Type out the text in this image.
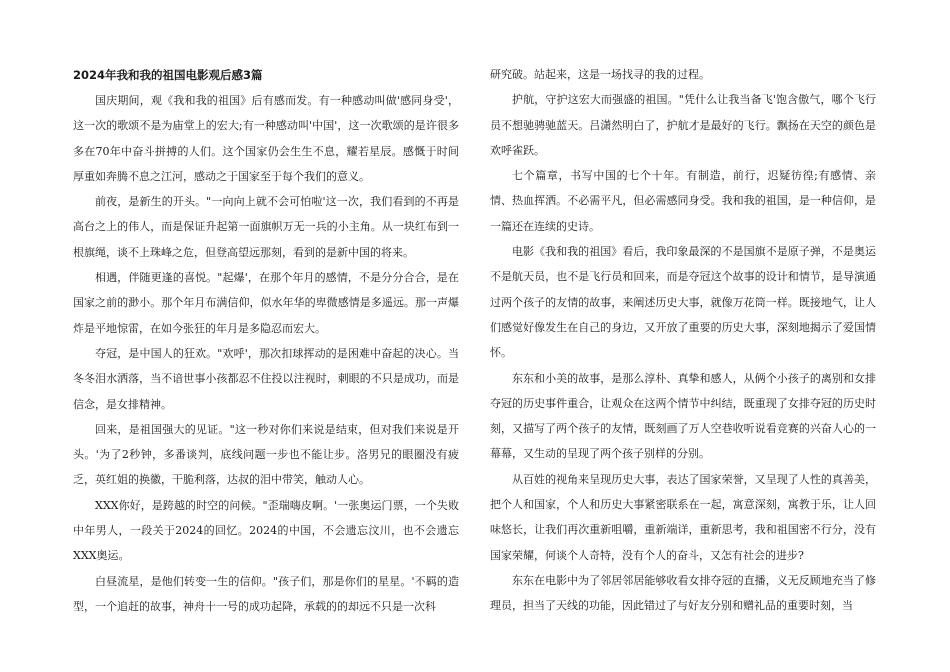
2024年我和我的祖国电影观后感3篇

国庆期间，观《我和我的祖国》后有感而发。有一种感动叫做'感同身受'，这一次的歌颂不是为庙堂上的宏大;有一种感动叫'中国'，这一次歌颂的是许很多多在70年中奋斗拼搏的人们。这个国家仍会生生不息，耀若星辰。感慨于时间厚重如奔腾不息之江河，感动之于国家至于每个我们的意义。

前夜，是新生的开头。"一向向上就不会可怕啦'这一次，我们看到的不再是高台之上的伟人，而是保证升起第一面旗帜万无一兵的小主角。从一块红布到一根旗绳，谈不上珠峰之危，但登高望远那刻，看到的是新中国的将来。

相遇，伴随更逢的喜悦。"起爆'，在那个年月的感情，不是分分合合，是在国家之前的渺小。那个年月布满信仰，似水年华的卑微感情是多遥远。那一声爆炸是平地惊雷，在如今张狂的年月是多隐忍而宏大。

夺冠，是中国人的狂欢。"欢呼'，那次扣球挥动的是困难中奋起的决心。当冬冬泪水洒落，当不谙世事小孩都忍不住投以注视时，刺眼的不只是成功，而是信念，是女排精神。

回来，是祖国强大的见证。"这一秒对你们来说是结束，但对我们来说是开头。'为了2秒钟，多番谈判，底线问题一步也不能让步。洛男兄的眼圈没有疲乏，英红姐的换徽，干脆利落，达叔的泪中带笑，触动人心。

XXX你好，是跨越的时空的问候。"歪瑞嗨皮啊。'一张奥运门票，一个失败中年男人，一段关于2024的回忆。2024的中国，不会遗忘汶川，也不会遗忘XXX奥运。

白昼流星，是他们转变一生的信仰。"孩子们，那是你们的星星。'不羁的造型，一个追赶的故事，神舟十一号的成功起降，承载的的却远不只是一次科

研究破。站起来，这是一场找寻的我的过程。

护航，守护这宏大而强盛的祖国。"凭什么让我当备飞'饱含傲气，哪个飞行员不想驰骋驰蓝天。吕潇然明白了，护航才是最好的飞行。飘扬在天空的颜色是欢呼雀跃。

七个篇章，书写中国的七个十年。有制造，前行，迟疑彷徨;有感情、亲情、热血挥洒。不必需平凡，但必需感同身受。我和我的祖国，是一种信仰，是一篇还在连续的史诗。

电影《我和我的祖国》看后，我印象最深的不是国旗不是原子弹，不是奥运不是航天员，也不是飞行员和回来，而是夺冠这个故事的设计和情节，是导演通过两个孩子的友情的故事，来阐述历史大事，就像万花筒一样。既接地气，让人们感觉好像发生在自己的身边，又开放了重要的历史大事，深刻地揭示了爱国情怀。

东东和小美的故事，是那么淳朴、真挚和感人，从俩个小孩子的离别和女排夺冠的历史事件重合，让观众在这两个情节中纠结，既重现了女排夺冠的历史时刻，又描写了两个孩子的友情，既刻画了万人空巷收听说看竞赛的兴奋人心的一幕幕，又生动的呈现了两个孩子别样的分别。

从百姓的视角来呈现历史大事，表达了国家荣誉，又呈现了人性的真善美，把个人和国家，个人和历史大事紧密联系在一起，寓意深刻，寓教于乐，让人回味悠长，让我们再次重新咀嚼，重新端详，重新思考，我和祖国密不行分，没有国家荣耀，何谈个人奇特，没有个人的奋斗，又怎有社会的进步?

东东在电影中为了邻居邻居能够收看女排夺冠的直播，义无反顾地充当了修理员，担当了天线的功能，因此错过了与好友分别和赠礼品的重要时刻，当
